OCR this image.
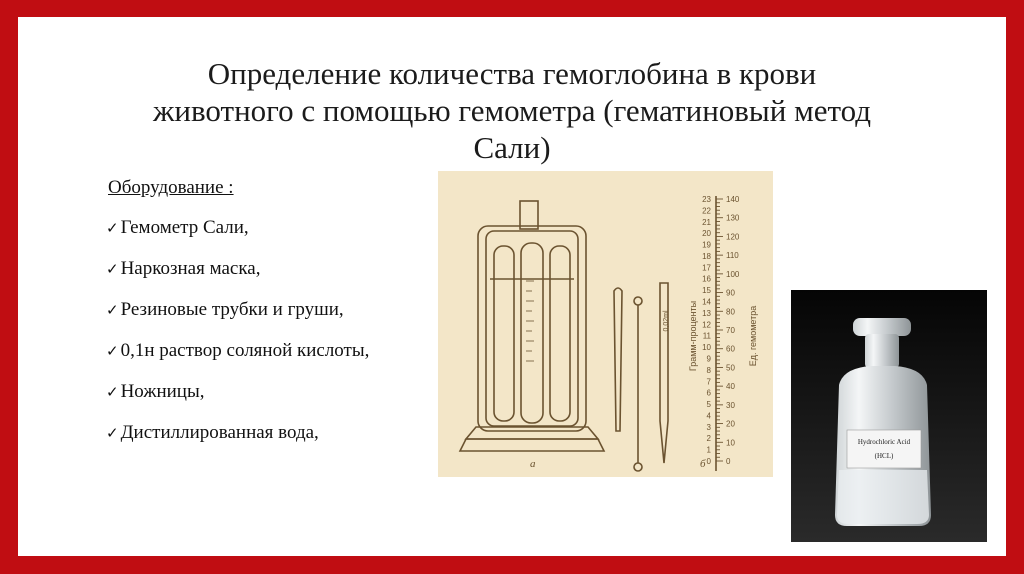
Определение количества гемоглобина в крови
животного с помощью гемометра (гематиновый метод
Сали)
Оборудование :
✓ Гемометр Сали,
✓ Наркозная маска,
✓ Резиновые трубки и груши,
✓ 0,1н раствор соляной кислоты,
✓ Ножницы,
✓ Дистиллированная вода,
23
22
21
20
19
18
17
16
15
14
13
12
11
10
9
8
7
6
5
4
3
2
1
0
140
130
120
110
100
90
80
70
60
50
40
30
20
10
0
0,02ml Грамм-проценты	Ед. гемометра
а	б
Hydrochloric Acid
(HCL)
